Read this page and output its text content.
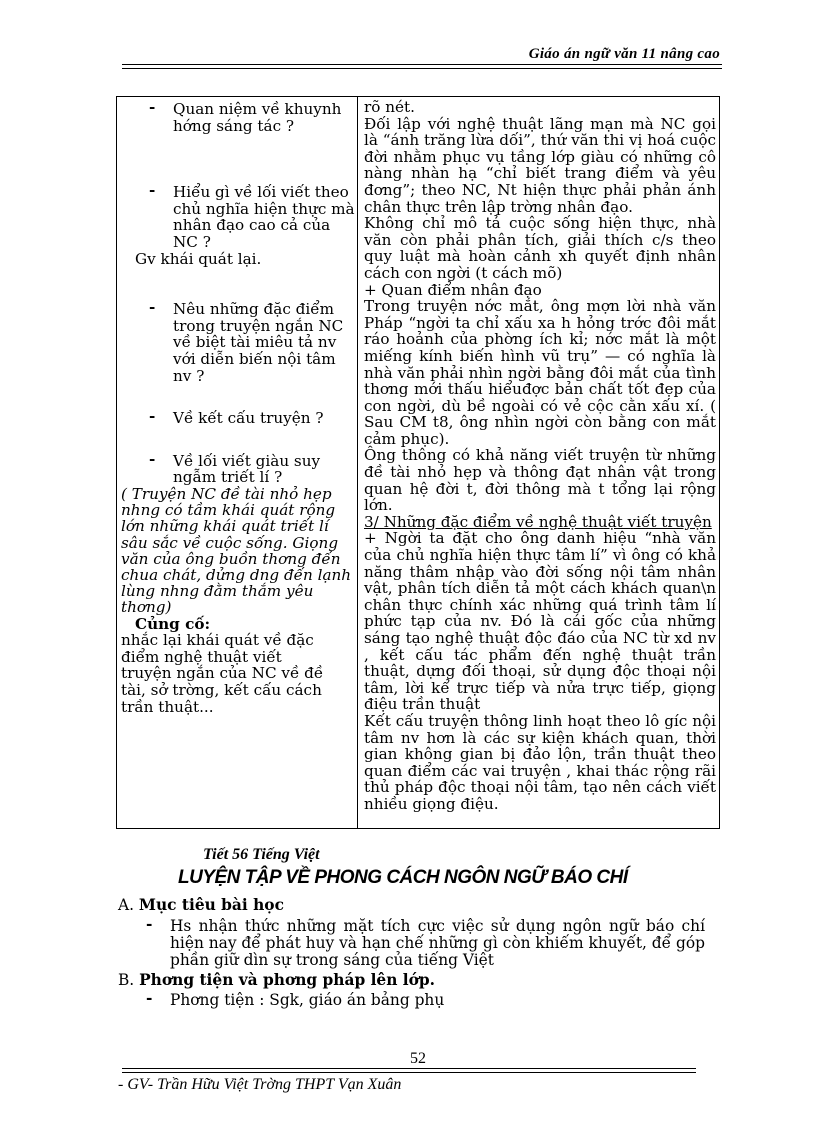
Giáo án ngữ văn 11 nâng cao
- Quan niệm về khuynh hớng sáng tác ?
- Hiểu gì về lối viết theo chủ nghĩa hiện thực mà nhân đạo cao cả của NC ?
Gv khái quát lại.
- Nêu những đặc điểm trong truyện ngắn NC về biệt tài miêu tả nv với diễn biến nội tâm nv ?
- Về kết cấu truyện ?
- Về lối viết giàu suy ngẫm triết lí ?
( Truyện NC đề tài nhỏ hẹp nhng có tầm khái quát rộng lớn những khái quát triết lí sâu sắc về cuộc sống. Giọng văn của ông buồn thơng đến chua chát, dửng dng đến lạnh lùng nhng đằm thắm yêu thơng)
Củng cố:
nhắc lại khái quát về đặc điểm nghệ thuật viết truyện ngắn của NC về đề tài, sở trờng, kết cấu cách trần thuật...
rõ nét.
Đối lập với nghệ thuật lãng mạn mà NC gọi là “ánh trăng lừa dối”, thứ văn thi vị hoá cuộc đời nhằm phục vụ tầng lớp giàu có những cô nàng nhàn hạ “chỉ biết trang điểm và yêu đơng”; theo NC, Nt hiện thực phải phản ánh chân thực trên lập trờng nhân đạo.
Không chỉ mô tả cuộc sống hiện thực, nhà văn còn phải phân tích, giải thích c/s theo quy luật mà hoàn cảnh xh quyết định nhân cách con ngời (t cách mõ)
+ Quan điểm nhân đạo
Trong truyện nớc mắt, ông mợn lời nhà văn Pháp “ngời ta chỉ xấu xa h hỏng trớc đôi mắt ráo hoảnh của phờng ích kỉ; nớc mắt là một miếng kính biến hình vũ trụ” — có nghĩa là nhà văn phải nhìn ngời bằng đôi mắt của tình thơng mới thấu hiểuđợc bản chất tốt đẹp của con ngời, dù bề ngoài có vẻ cộc cằn xấu xí. ( Sau CM t8, ông nhìn ngời còn bằng con mắt cảm phục).
Ông thông có khả năng viết truyện từ những đề tài nhỏ hẹp và thông đạt nhân vật trong quan hệ đời t, đời thông mà t tổng lại rộng lớn.
3/ Những đặc điểm về nghệ thuật viết truyện
+ Ngời ta đặt cho ông danh hiệu “nhà văn của chủ nghĩa hiện thực tâm lí” vì ông có khả năng thâm nhập vào đời sống nội tâm nhân vật, phân tích diễn tả một cách khách quan\n chân thực chính xác những quá trình tâm lí phức tạp của nv. Đó là cái gốc của những sáng tạo nghệ thuật độc đáo của NC từ xd nv , kết cấu tác phẩm đến nghệ thuật trần thuật, dựng đối thoại, sử dụng độc thoại nội tâm, lời kể trực tiếp và nửa trực tiếp, giọng điệu trần thuật
Kết cấu truyện thông linh hoạt theo lô gíc nội tâm nv hơn là các sự kiện khách quan, thời gian không gian bị đảo lộn, trần thuật theo quan điểm các vai truyện , khai thác rộng rãi thủ pháp độc thoại nội tâm, tạo nên cách viết nhiều giọng điệu.
Tiết 56 Tiếng Việt
LUYỆN TẬP VỀ PHONG CÁCH NGÔN NGỮ BÁO CHÍ
A. Mục tiêu bài học
- Hs nhận thức những mặt tích cực việc sử dụng ngôn ngữ báo chí hiện nay để phát huy và hạn chế những gì còn khiếm khuyết, để góp phần giữ dìn sự trong sáng của tiếng Việt
B. Phơng tiện và phơng pháp lên lớp.
- Phơng tiện : Sgk, giáo án bảng phụ
52
- GV- Trần Hữu Việt Trờng THPT Vạn Xuân
